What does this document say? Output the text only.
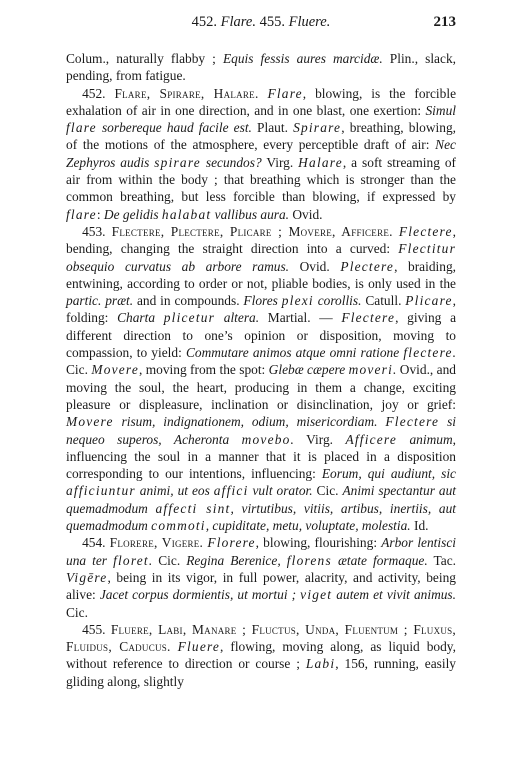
452. Flare. 455. Fluere.	213

Colum., naturally flabby ; Equis fessis aures marcidæ. Plin., slack, pending, from fatigue.

452. Flare, Spirare, Halare. Flare, blowing, is the forcible exhalation of air in one direction, and in one blast, one exertion: Simul flare sorbereque haud facile est. Plaut. Spirare, breathing, blowing, of the motions of the atmosphere, every perceptible draft of air: Nec Zephyros audis spirare secundos? Virg. Halare, a soft streaming of air from within the body ; that breathing which is stronger than the common breathing, but less forcible than blowing, if expressed by flare: De gelidis halabat vallibus aura. Ovid.

453. Flectere, Plectere, Plicare ; Movere, Afficere. Flectere, bending, changing the straight direction into a curved: Flectitur obsequio curvatus ab arbore ramus. Ovid. Plectere, braiding, entwining, according to order or not, pliable bodies, is only used in the partic. præt. and in compounds. Flores plexi corollis. Catull. Plicare, folding: Charta plicetur altera. Martial. — Flectere, giving a different direction to one’s opinion or disposition, moving to compassion, to yield: Commutare animos atque omni ratione flectere. Cic. Movere, moving from the spot: Glebæ cæpere moveri. Ovid., and moving the soul, the heart, producing in them a change, exciting pleasure or displeasure, inclination or disinclination, joy or grief: Movere risum, indignationem, odium, misericordiam. Flectere si nequeo superos, Acheronta movebo. Virg. Afficere animum, influencing the soul in a manner that it is placed in a disposition corresponding to our intentions, influencing: Eorum, qui audiunt, sic afficiuntur animi, ut eos affici vult orator. Cic. Animi spectantur aut quemadmodum affecti sint, virtutibus, vitiis, artibus, inertiis, aut quemadmodum commoti, cupiditate, metu, voluptate, molestia. Id.

454. Florere, Vigere. Florere, blowing, flourishing: Arbor lentisci una ter floret. Cic. Regina Berenice, florens ætate formaque. Tac. Vigēre, being in its vigor, in full power, alacrity, and activity, being alive: Jacet corpus dormientis, ut mortui ; viget autem et vivit animus. Cic.

455. Fluere, Labi, Manare ; Fluctus, Unda, Fluentum ; Fluxus, Fluidus, Caducus. Fluere, flowing, moving along, as liquid body, without reference to direction or course ; Labi, 156, running, easily gliding along, slightly
